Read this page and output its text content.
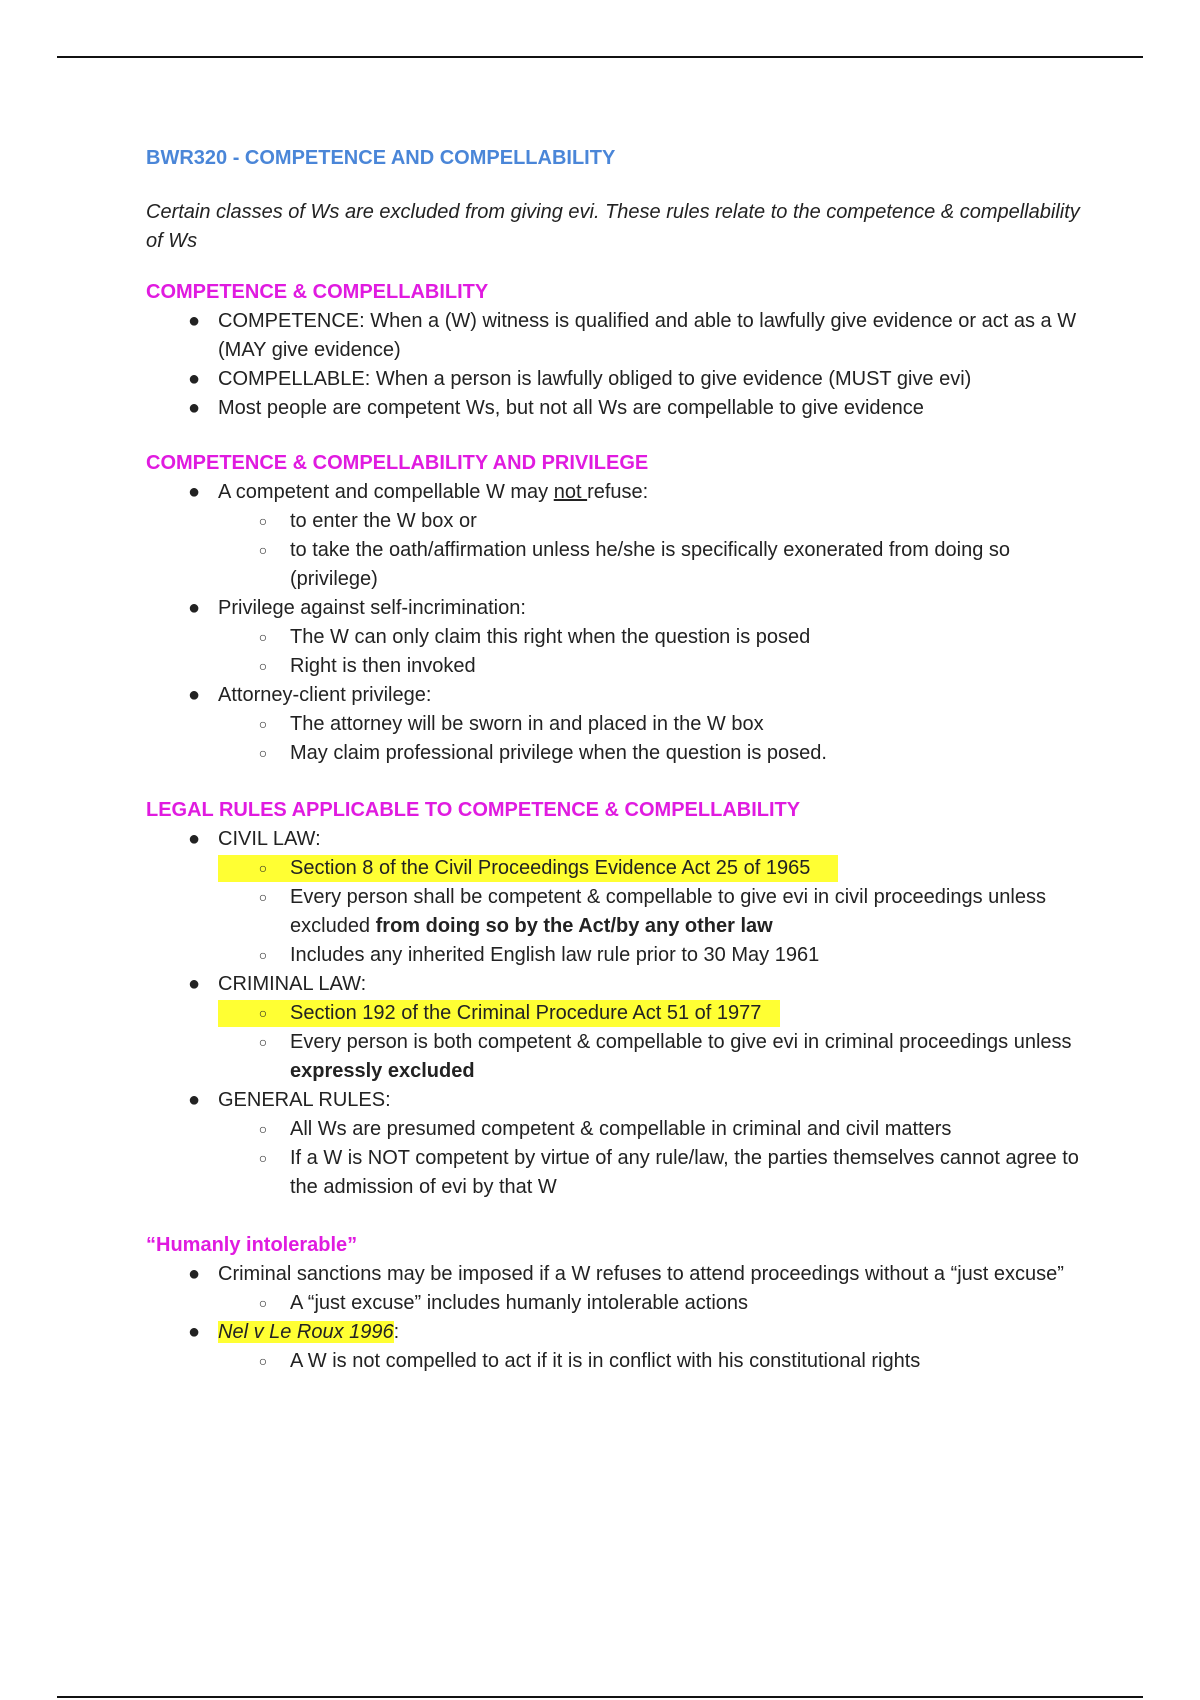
BWR320 - COMPETENCE AND COMPELLABILITY

Certain classes of Ws are excluded from giving evi. These rules relate to the competence & compellability of Ws

COMPETENCE & COMPELLABILITY
● COMPETENCE: When a (W) witness is qualified and able to lawfully give evidence or act as a W (MAY give evidence)
● COMPELLABLE: When a person is lawfully obliged to give evidence (MUST give evi)
● Most people are competent Ws, but not all Ws are compellable to give evidence
COMPETENCE & COMPELLABILITY AND PRIVILEGE
● A competent and compellable W may not refuse:
○ to enter the W box or
○ to take the oath/affirmation unless he/she is specifically exonerated from doing so (privilege)
● Privilege against self-incrimination:
○ The W can only claim this right when the question is posed
○ Right is then invoked
● Attorney-client privilege:
○ The attorney will be sworn in and placed in the W box
○ May claim professional privilege when the question is posed.
LEGAL RULES APPLICABLE TO COMPETENCE & COMPELLABILITY
● CIVIL LAW:
○ Section 8 of the Civil Proceedings Evidence Act 25 of 1965
○ Every person shall be competent & compellable to give evi in civil proceedings unless excluded from doing so by the Act/by any other law
○ Includes any inherited English law rule prior to 30 May 1961
● CRIMINAL LAW:
○ Section 192 of the Criminal Procedure Act 51 of 1977
○ Every person is both competent & compellable to give evi in criminal proceedings unless expressly excluded
● GENERAL RULES:
○ All Ws are presumed competent & compellable in criminal and civil matters
○ If a W is NOT competent by virtue of any rule/law, the parties themselves cannot agree to the admission of evi by that W
“Humanly intolerable”
● Criminal sanctions may be imposed if a W refuses to attend proceedings without a “just excuse”
○ A “just excuse” includes humanly intolerable actions
● Nel v Le Roux 1996:
○ A W is not compelled to act if it is in conflict with his constitutional rights
